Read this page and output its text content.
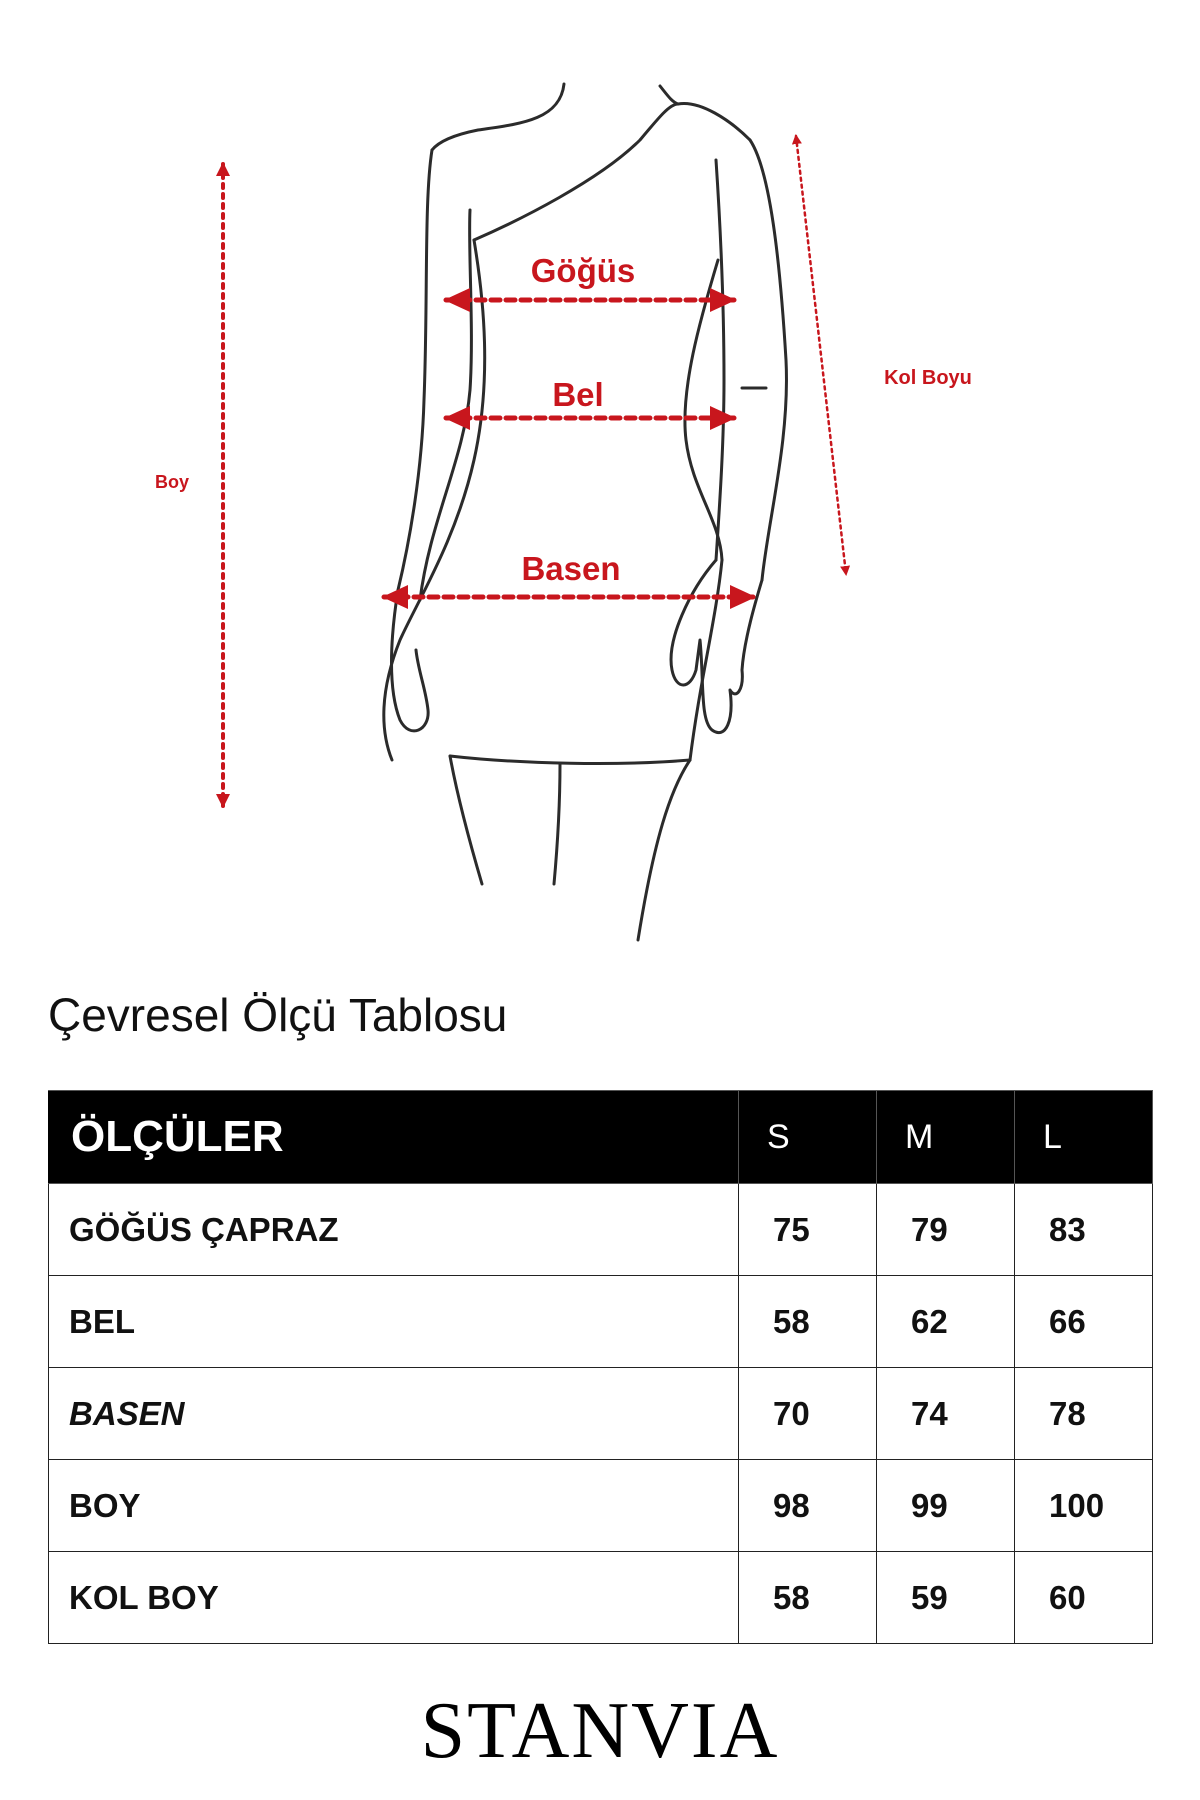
Göğüs
Bel
Basen
Boy
Kol Boyu
Çevresel Ölçü Tablosu
ÖLÇÜLER	S	M	L
GÖĞÜS ÇAPRAZ	75	79	83
BEL	58	62	66
BASEN	70	74	78
BOY	98	99	100
KOL BOY	58	59	60
STANVIA
